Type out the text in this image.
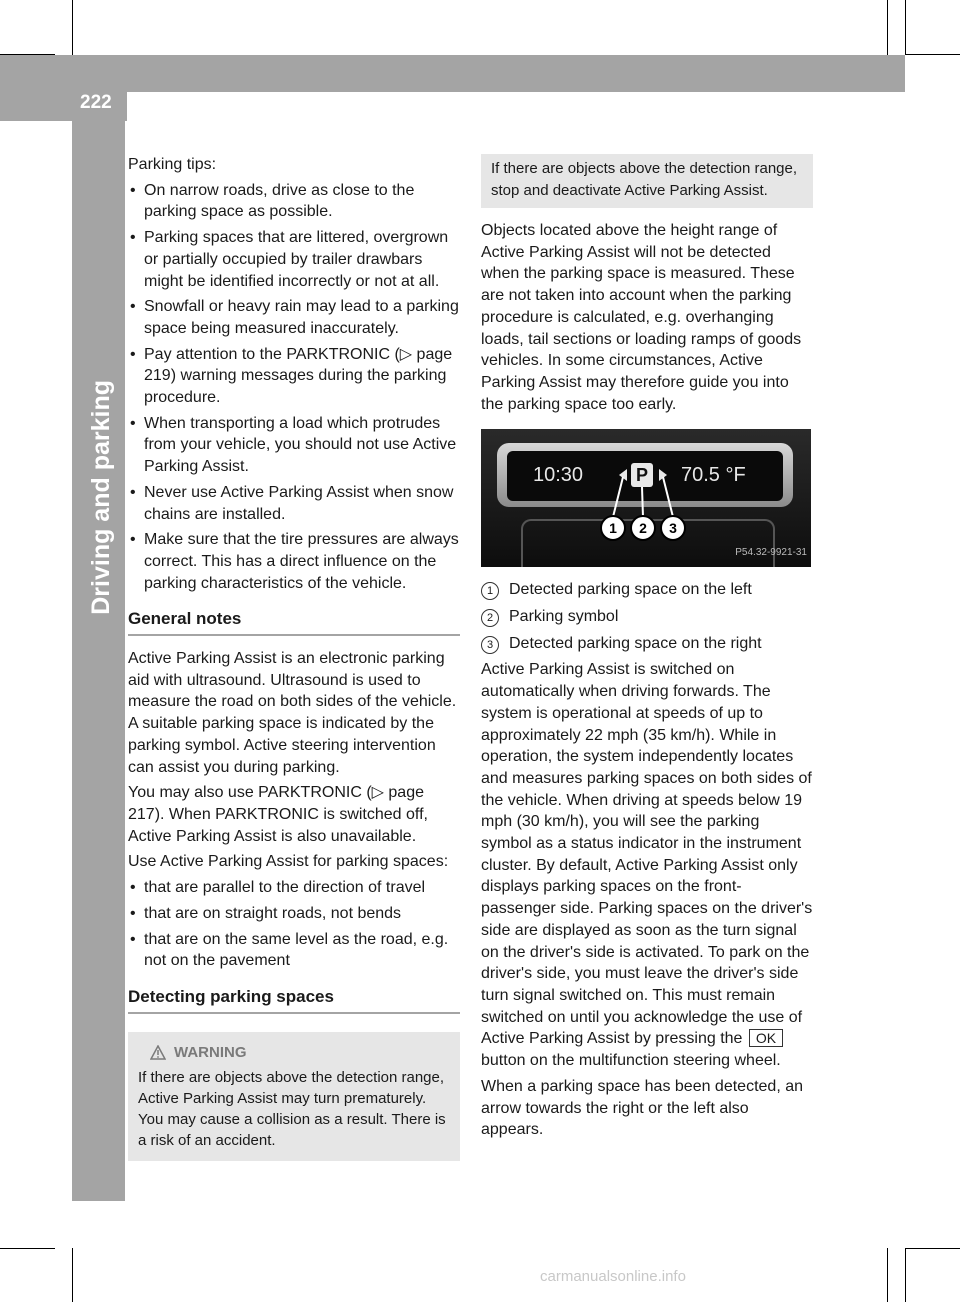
222	Driving systems
Driving and parking

Parking tips:

• On narrow roads, drive as close to the parking space as possible.
• Parking spaces that are littered, overgrown or partially occupied by trailer drawbars might be identified incorrectly or not at all.
• Snowfall or heavy rain may lead to a parking space being measured inaccurately.
• Pay attention to the PARKTRONIC (▷ page 219) warning messages during the parking procedure.
• When transporting a load which protrudes from your vehicle, you should not use Active Parking Assist.
• Never use Active Parking Assist when snow chains are installed.
• Make sure that the tire pressures are always correct. This has a direct influence on the parking characteristics of the vehicle.
General notes

Active Parking Assist is an electronic parking aid with ultrasound. Ultrasound is used to measure the road on both sides of the vehicle. A suitable parking space is indicated by the parking symbol. Active steering intervention can assist you during parking.

You may also use PARKTRONIC (▷ page 217). When PARKTRONIC is switched off, Active Parking Assist is also unavailable.

Use Active Parking Assist for parking spaces:

• that are parallel to the direction of travel
• that are on straight roads, not bends
• that are on the same level as the road, e.g. not on the pavement
Detecting parking spaces
WARNING
If there are objects above the detection range, Active Parking Assist may turn prematurely. You may cause a collision as a result. There is a risk of an accident.
If there are objects above the detection range, stop and deactivate Active Parking Assist.

Objects located above the height range of Active Parking Assist will not be detected when the parking space is measured. These are not taken into account when the parking procedure is calculated, e.g. overhanging loads, tail sections or loading ramps of goods vehicles. In some circumstances, Active Parking Assist may therefore guide you into the parking space too early.

10:30	P 70.5 °F
1	2	3
P54.32-9921-31
1 Detected parking space on the left
2 Parking symbol
3 Detected parking space on the right

Active Parking Assist is switched on automatically when driving forwards. The system is operational at speeds of up to approximately 22 mph (35 km/h). While in operation, the system independently locates and measures parking spaces on both sides of the vehicle. When driving at speeds below 19 mph (30 km/h), you will see the parking symbol as a status indicator in the instrument cluster. By default, Active Parking Assist only displays parking spaces on the front-passenger side. Parking spaces on the driver's side are displayed as soon as the turn signal on the driver's side is activated. To park on the driver's side, you must leave the driver's side turn signal switched on. This must remain switched on until you acknowledge the use of Active Parking Assist by pressing the OK button on the multifunction steering wheel.

When a parking space has been detected, an arrow towards the right or the left also appears.

carmanualsonline.info
